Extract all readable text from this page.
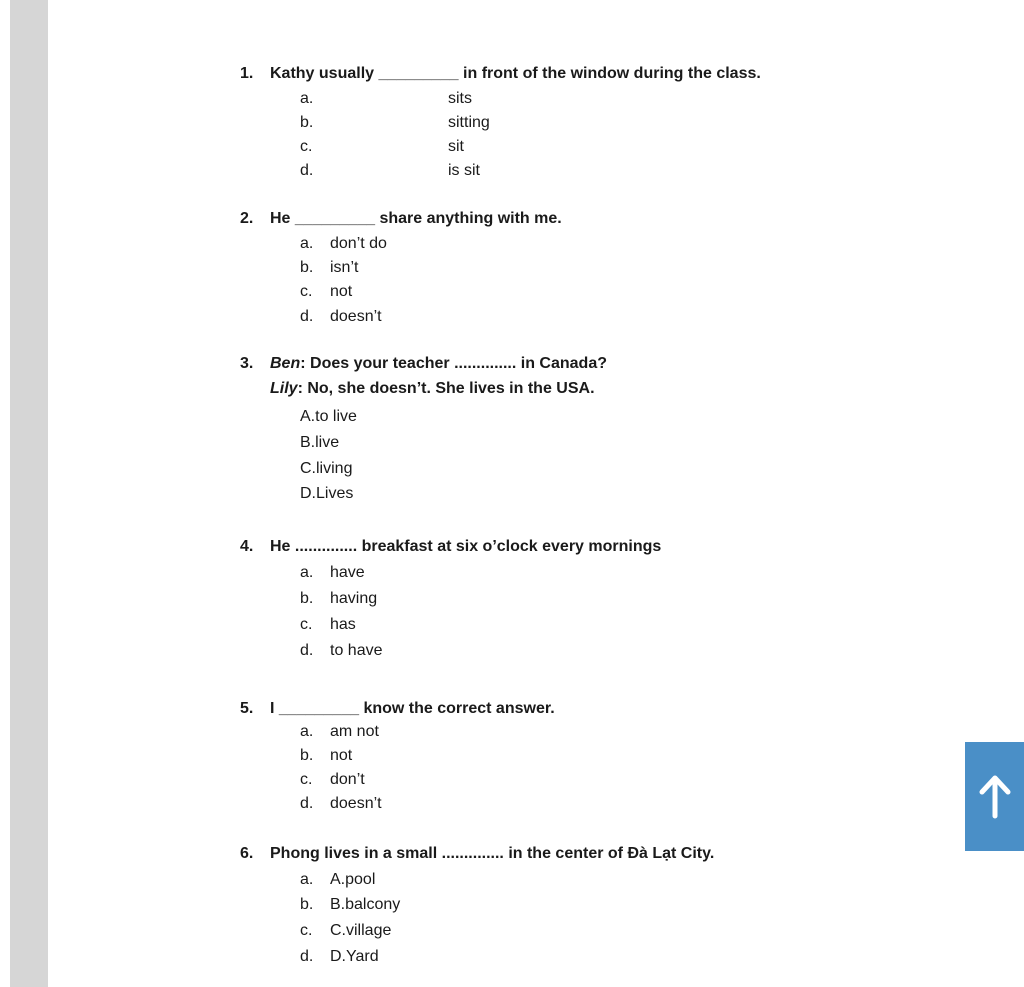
1. Kathy usually _________ in front of the window during the class.
a.	sits
b.	sitting
c.	sit
d.	is sit
2. He _________ share anything with me.
a. don’t do
b. isn’t
c. not
d. doesn’t
3. Ben: Does your teacher .............. in Canada?
Lily: No, she doesn’t. She lives in the USA.
A.to live
B.live
C.living
D.Lives
4. He .............. breakfast at six o’clock every mornings
a. have
b. having
c. has
d. to have
5. I _________ know the correct answer.
a. am not
b. not
c. don’t
d. doesn’t
6. Phong lives in a small .............. in the center of Đà Lạt City.
a. A.pool
b. B.balcony
c. C.village
d. D.Yard
